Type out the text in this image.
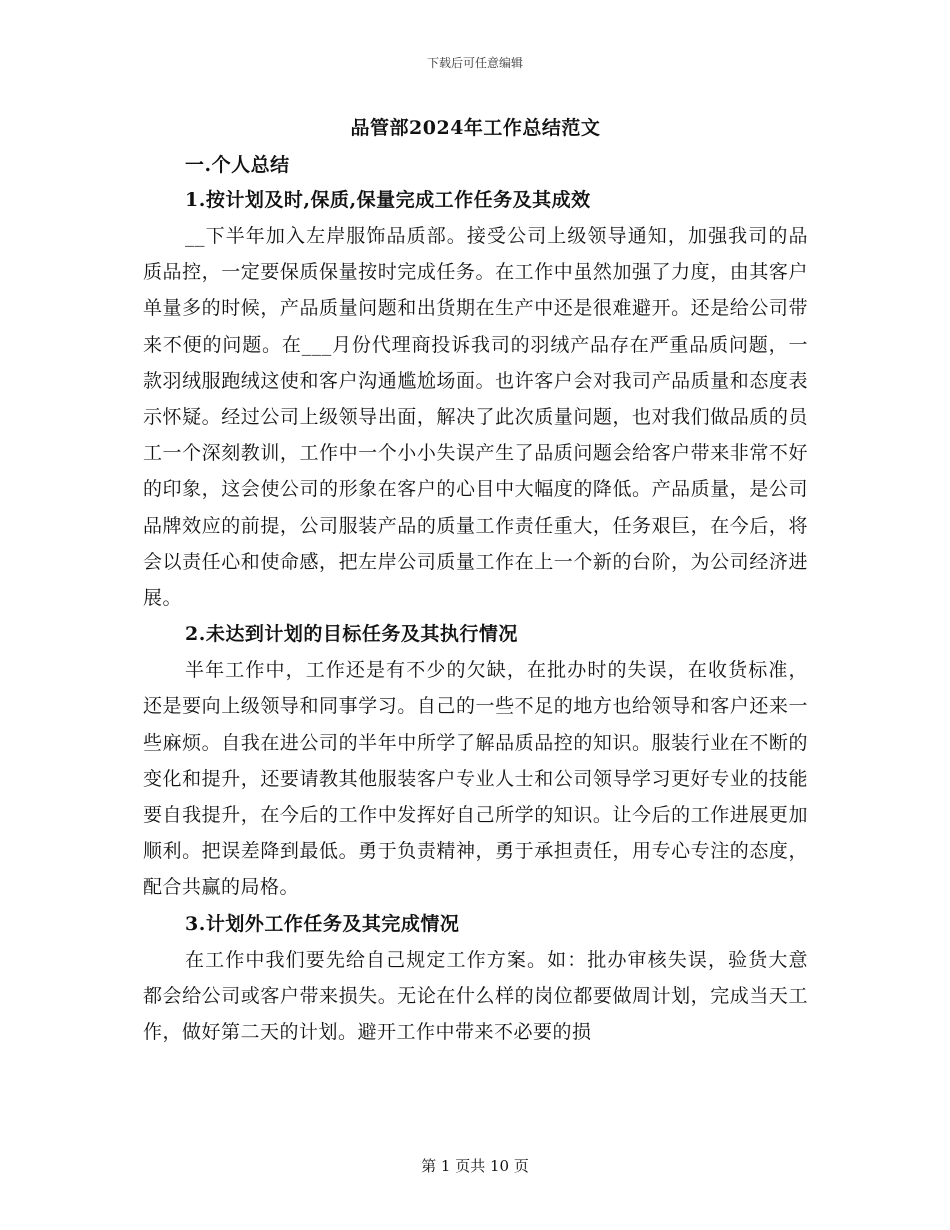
下载后可任意编辑
品管部2024年工作总结范文
一.个人总结
1.按计划及时,保质,保量完成工作任务及其成效

__下半年加入左岸服饰品质部。接受公司上级领导通知，加强我司的品质品控，一定要保质保量按时完成任务。在工作中虽然加强了力度，由其客户单量多的时候，产品质量问题和出货期在生产中还是很难避开。还是给公司带来不便的问题。在___月份代理商投诉我司的羽绒产品存在严重品质问题，一款羽绒服跑绒这使和客户沟通尴尬场面。也许客户会对我司产品质量和态度表示怀疑。经过公司上级领导出面，解决了此次质量问题，也对我们做品质的员工一个深刻教训，工作中一个小小失误产生了品质问题会给客户带来非常不好的印象，这会使公司的形象在客户的心目中大幅度的降低。产品质量，是公司品牌效应的前提，公司服装产品的质量工作责任重大，任务艰巨，在今后，将会以责任心和使命感，把左岸公司质量工作在上一个新的台阶，为公司经济进展。

2.未达到计划的目标任务及其执行情况

半年工作中，工作还是有不少的欠缺，在批办时的失误，在收货标准，还是要向上级领导和同事学习。自己的一些不足的地方也给领导和客户还来一些麻烦。自我在进公司的半年中所学了解品质品控的知识。服装行业在不断的变化和提升，还要请教其他服装客户专业人士和公司领导学习更好专业的技能要自我提升，在今后的工作中发挥好自己所学的知识。让今后的工作进展更加顺利。把误差降到最低。勇于负责精神，勇于承担责任，用专心专注的态度，配合共赢的局格。

3.计划外工作任务及其完成情况

在工作中我们要先给自己规定工作方案。如：批办审核失误，验货大意都会给公司或客户带来损失。无论在什么样的岗位都要做周计划，完成当天工作，做好第二天的计划。避开工作中带来不必要的损

第 1 页共 10 页
